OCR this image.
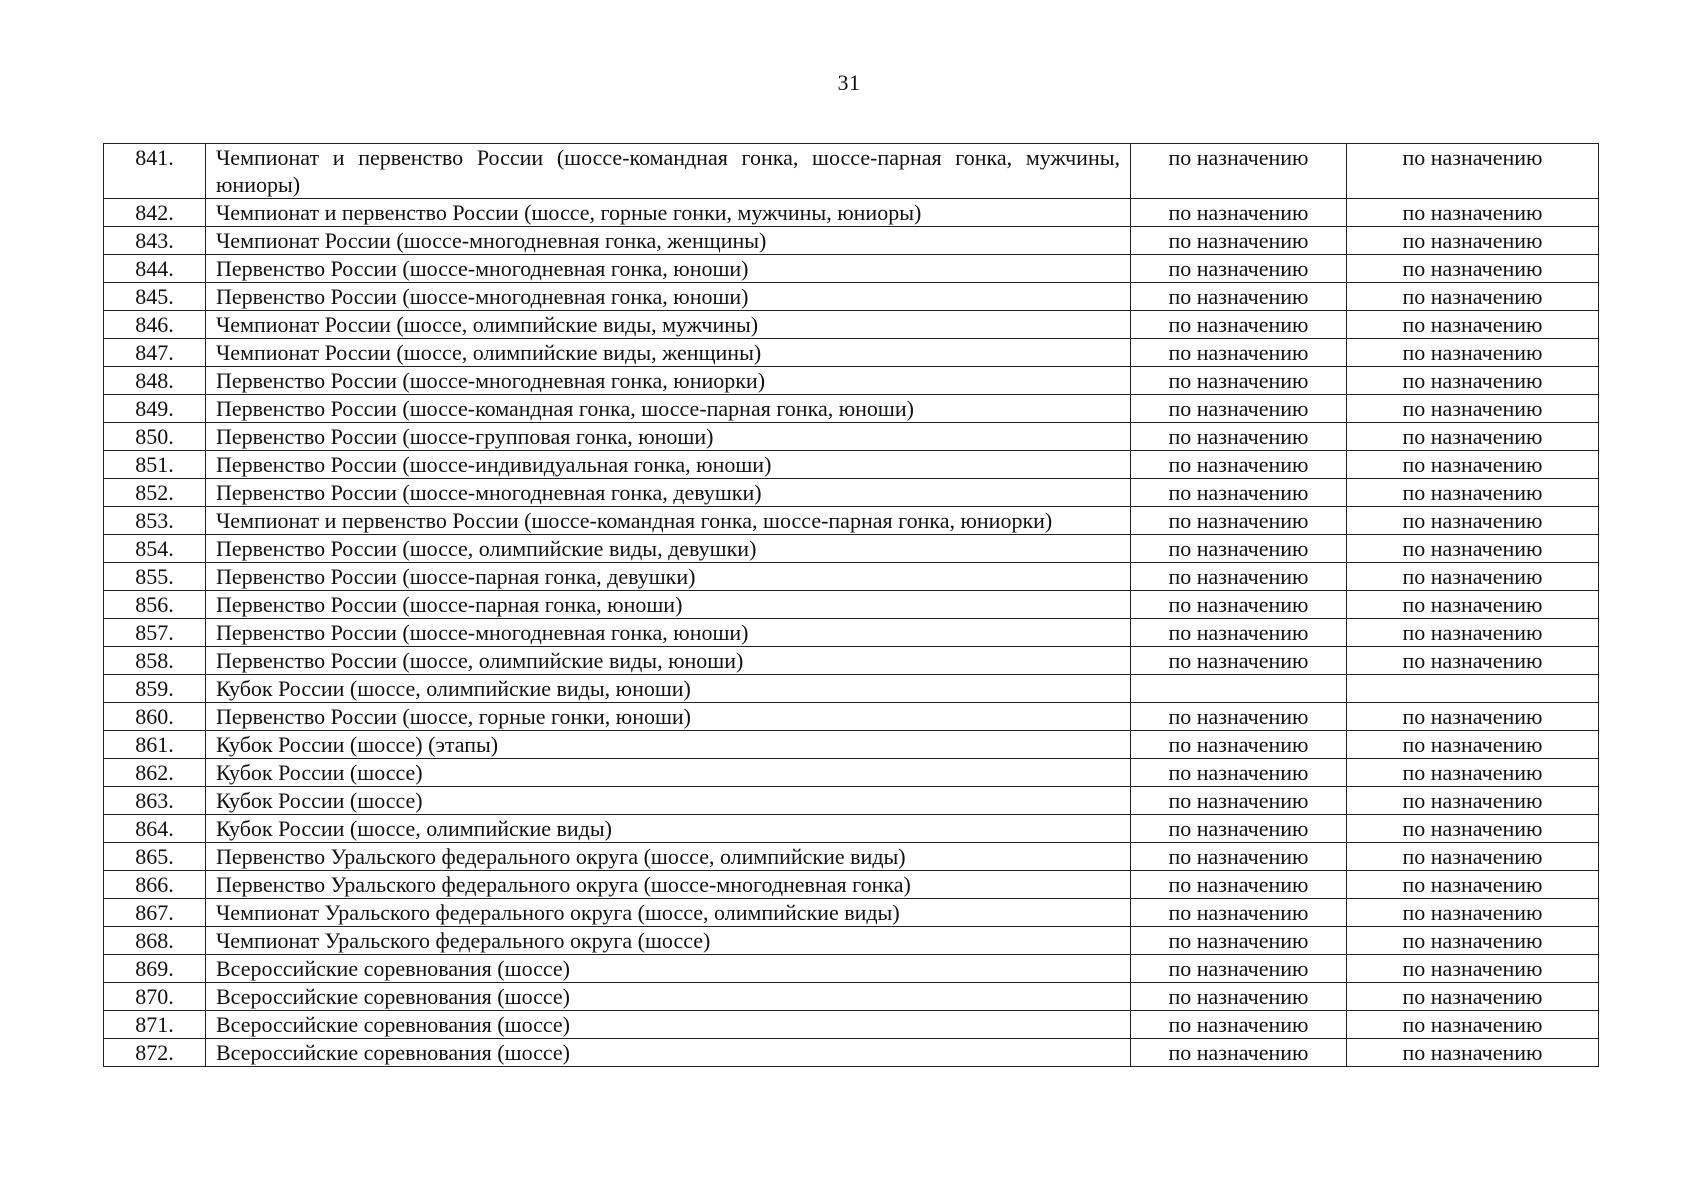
31
841.	Чемпионат и первенство России (шоссе-командная гонка, шоссе-парная гонка, мужчины, юниоры)	по назначению	по назначению
842.	Чемпионат и первенство России (шоссе, горные гонки, мужчины, юниоры)	по назначению	по назначению
843.	Чемпионат России (шоссе-многодневная гонка, женщины)	по назначению	по назначению
844.	Первенство России (шоссе-многодневная гонка, юноши)	по назначению	по назначению
845.	Первенство России (шоссе-многодневная гонка, юноши)	по назначению	по назначению
846.	Чемпионат России (шоссе, олимпийские виды, мужчины)	по назначению	по назначению
847.	Чемпионат России (шоссе, олимпийские виды, женщины)	по назначению	по назначению
848.	Первенство России (шоссе-многодневная гонка, юниорки)	по назначению	по назначению
849.	Первенство России (шоссе-командная гонка, шоссе-парная гонка, юноши)	по назначению	по назначению
850.	Первенство России (шоссе-групповая гонка, юноши)	по назначению	по назначению
851.	Первенство России (шоссе-индивидуальная гонка, юноши)	по назначению	по назначению
852.	Первенство России (шоссе-многодневная гонка, девушки)	по назначению	по назначению
853.	Чемпионат и первенство России (шоссе-командная гонка, шоссе-парная гонка, юниорки)	по назначению	по назначению
854.	Первенство России (шоссе, олимпийские виды, девушки)	по назначению	по назначению
855.	Первенство России (шоссе-парная гонка, девушки)	по назначению	по назначению
856.	Первенство России (шоссе-парная гонка, юноши)	по назначению	по назначению
857.	Первенство России (шоссе-многодневная гонка, юноши)	по назначению	по назначению
858.	Первенство России (шоссе, олимпийские виды, юноши)	по назначению	по назначению
859.	Кубок России (шоссе, олимпийские виды, юноши)		
860.	Первенство России (шоссе, горные гонки, юноши)	по назначению	по назначению
861.	Кубок России (шоссе) (этапы)	по назначению	по назначению
862.	Кубок России (шоссе)	по назначению	по назначению
863.	Кубок России (шоссе)	по назначению	по назначению
864.	Кубок России (шоссе, олимпийские виды)	по назначению	по назначению
865.	Первенство Уральского федерального округа (шоссе, олимпийские виды)	по назначению	по назначению
866.	Первенство Уральского федерального округа (шоссе-многодневная гонка)	по назначению	по назначению
867.	Чемпионат Уральского федерального округа (шоссе, олимпийские виды)	по назначению	по назначению
868.	Чемпионат Уральского федерального округа (шоссе)	по назначению	по назначению
869.	Всероссийские соревнования (шоссе)	по назначению	по назначению
870.	Всероссийские соревнования (шоссе)	по назначению	по назначению
871.	Всероссийские соревнования (шоссе)	по назначению	по назначению
872.	Всероссийские соревнования (шоссе)	по назначению	по назначению
